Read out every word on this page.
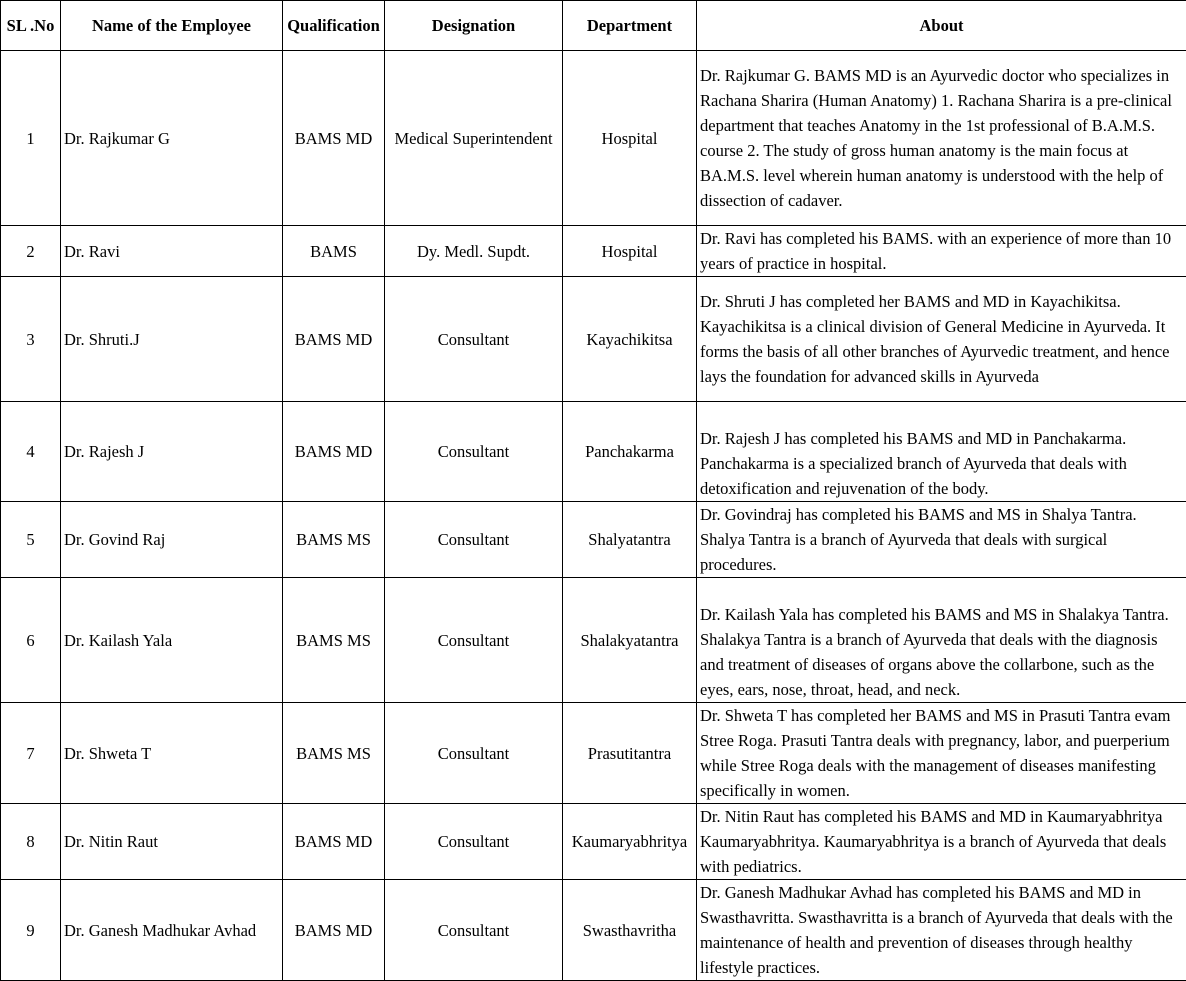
SL .No	Name of the Employee	Qualification	Designation	Department	About
1	Dr. Rajkumar G	BAMS MD	Medical Superintendent	Hospital	Dr. Rajkumar G. BAMS MD is an Ayurvedic doctor who specializes in Rachana Sharira (Human Anatomy) 1. Rachana Sharira is a pre-clinical department that teaches Anatomy in the 1st professional of B.A.M.S. course 2. The study of gross human anatomy is the main focus at BA.M.S. level wherein human anatomy is understood with the help of dissection of cadaver.
2	Dr. Ravi	BAMS	Dy. Medl. Supdt.	Hospital	Dr. Ravi has completed his BAMS. with an experience of more than 10 years of practice in hospital.
3	Dr. Shruti.J	BAMS MD	Consultant	Kayachikitsa	Dr. Shruti J has completed her BAMS and MD in Kayachikitsa. Kayachikitsa is a clinical division of General Medicine in Ayurveda. It forms the basis of all other branches of Ayurvedic treatment, and hence lays the foundation for advanced skills in Ayurveda
4	Dr. Rajesh J	BAMS MD	Consultant	Panchakarma	Dr. Rajesh J has completed his BAMS and MD in Panchakarma. Panchakarma is a specialized branch of Ayurveda that deals with detoxification and rejuvenation of the body.
5	Dr. Govind Raj	BAMS MS	Consultant	Shalyatantra	Dr. Govindraj has completed his BAMS and MS in Shalya Tantra. Shalya Tantra is a branch of Ayurveda that deals with surgical procedures.
6	Dr. Kailash Yala	BAMS MS	Consultant	Shalakyatantra	Dr. Kailash Yala has completed his BAMS and MS in Shalakya Tantra. Shalakya Tantra is a branch of Ayurveda that deals with the diagnosis and treatment of diseases of organs above the collarbone, such as the eyes, ears, nose, throat, head, and neck.
7	Dr. Shweta T	BAMS MS	Consultant	Prasutitantra	Dr. Shweta T has completed her BAMS and MS in Prasuti Tantra evam Stree Roga. Prasuti Tantra deals with pregnancy, labor, and puerperium while Stree Roga deals with the management of diseases manifesting specifically in women.
8	Dr. Nitin Raut	BAMS MD	Consultant	Kaumaryabhritya	Dr. Nitin Raut has completed his BAMS and MD in Kaumaryabhritya Kaumaryabhritya. Kaumaryabhritya is a branch of Ayurveda that deals with pediatrics.
9	Dr. Ganesh Madhukar Avhad	BAMS MD	Consultant	Swasthavritha	Dr. Ganesh Madhukar Avhad has completed his BAMS and MD in Swasthavritta. Swasthavritta is a branch of Ayurveda that deals with the maintenance of health and prevention of diseases through healthy lifestyle practices.
